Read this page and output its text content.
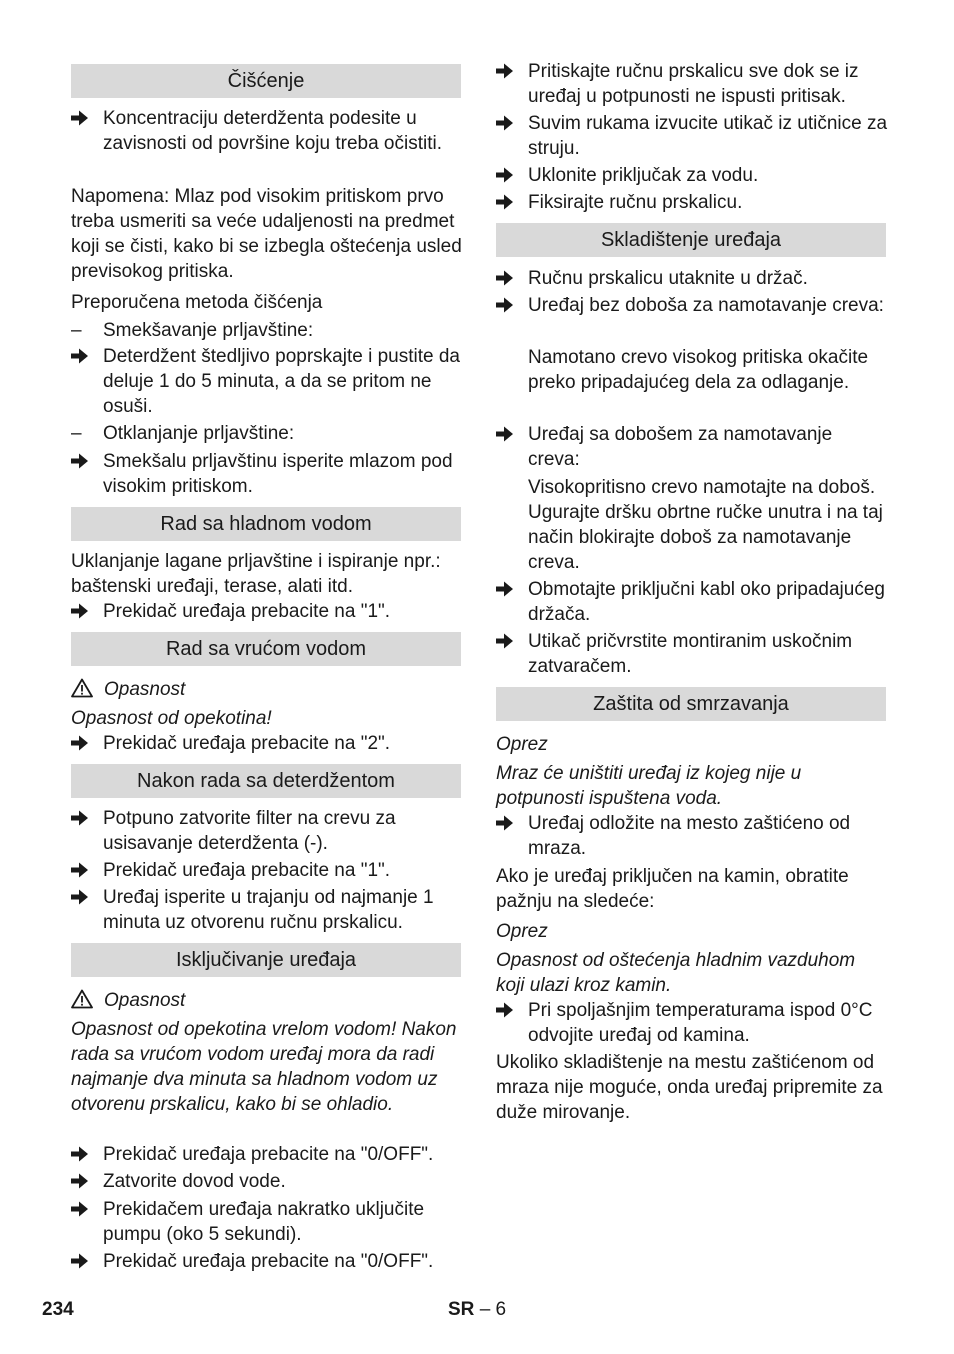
Čišćenje

Koncentraciju deterdženta podesite u zavisnosti od površine koju treba očistiti.

Napomena: Mlaz pod visokim pritiskom prvo treba usmeriti sa veće udaljenosti na predmet koji se čisti, kako bi se izbegla oštećenja usled previsokog pritiska.

Preporučena metoda čišćenja

– Smekšavanje prljavštine:

Deterdžent štedljivo poprskajte i pustite da deluje 1 do 5 minuta, a da se pritom ne osuši.

– Otklanjanje prljavštine:

Smekšalu prljavštinu isperite mlazom pod visokim pritiskom.

Rad sa hladnom vodom

Uklanjanje lagane prljavštine i ispiranje npr.: baštenski uređaji, terase, alati itd.

Prekidač uređaja prebacite na "1".

Rad sa vrućom vodom
Opasnost

Opasnost od opekotina!

Prekidač uređaja prebacite na "2".

Nakon rada sa deterdžentom

Potpuno zatvorite filter na crevu za usisavanje deterdženta (-).

Prekidač uređaja prebacite na "1".

Uređaj isperite u trajanju od najmanje 1 minuta uz otvorenu ručnu prskalicu.

Isključivanje uređaja
Opasnost

Opasnost od opekotina vrelom vodom! Nakon rada sa vrućom vodom uređaj mora da radi najmanje dva minuta sa hladnom vodom uz otvorenu prskalicu, kako bi se ohladio.

Prekidač uređaja prebacite na "0/OFF".

Zatvorite dovod vode.

Prekidačem uređaja nakratko uključite pumpu (oko 5 sekundi).

Prekidač uređaja prebacite na "0/OFF".

Pritiskajte ručnu prskalicu sve dok se iz uređaj u potpunosti ne ispusti pritisak.

Suvim rukama izvucite utikač iz utičnice za struju.

Uklonite priključak za vodu.

Fiksirajte ručnu prskalicu.

Skladištenje uređaja

Ručnu prskalicu utaknite u držač.

Uređaj bez doboša za namotavanje creva:

Namotano crevo visokog pritiska okačite preko pripadajućeg dela za odlaganje.

Uređaj sa dobošem za namotavanje creva:

Visokopritisno crevo namotajte na doboš. Ugurajte dršku obrtne ručke unutra i na taj način blokirajte doboš za namotavanje creva.

Obmotajte priključni kabl oko pripadajućeg držača.

Utikač pričvrstite montiranim uskočnim zatvaračem.

Zaštita od smrzavanja

Oprez

Mraz će uništiti uređaj iz kojeg nije u potpunosti ispuštena voda.

Uređaj odložite na mesto zaštićeno od mraza.

Ako je uređaj priključen na kamin, obratite pažnju na sledeće:

Oprez

Opasnost od oštećenja hladnim vazduhom koji ulazi kroz kamin.

Pri spoljašnjim temperaturama ispod 0°C odvojite uređaj od kamina.

Ukoliko skladištenje na mestu zaštićenom od mraza nije moguće, onda uređaj pripremite za duže mirovanje.

234	SR – 6
